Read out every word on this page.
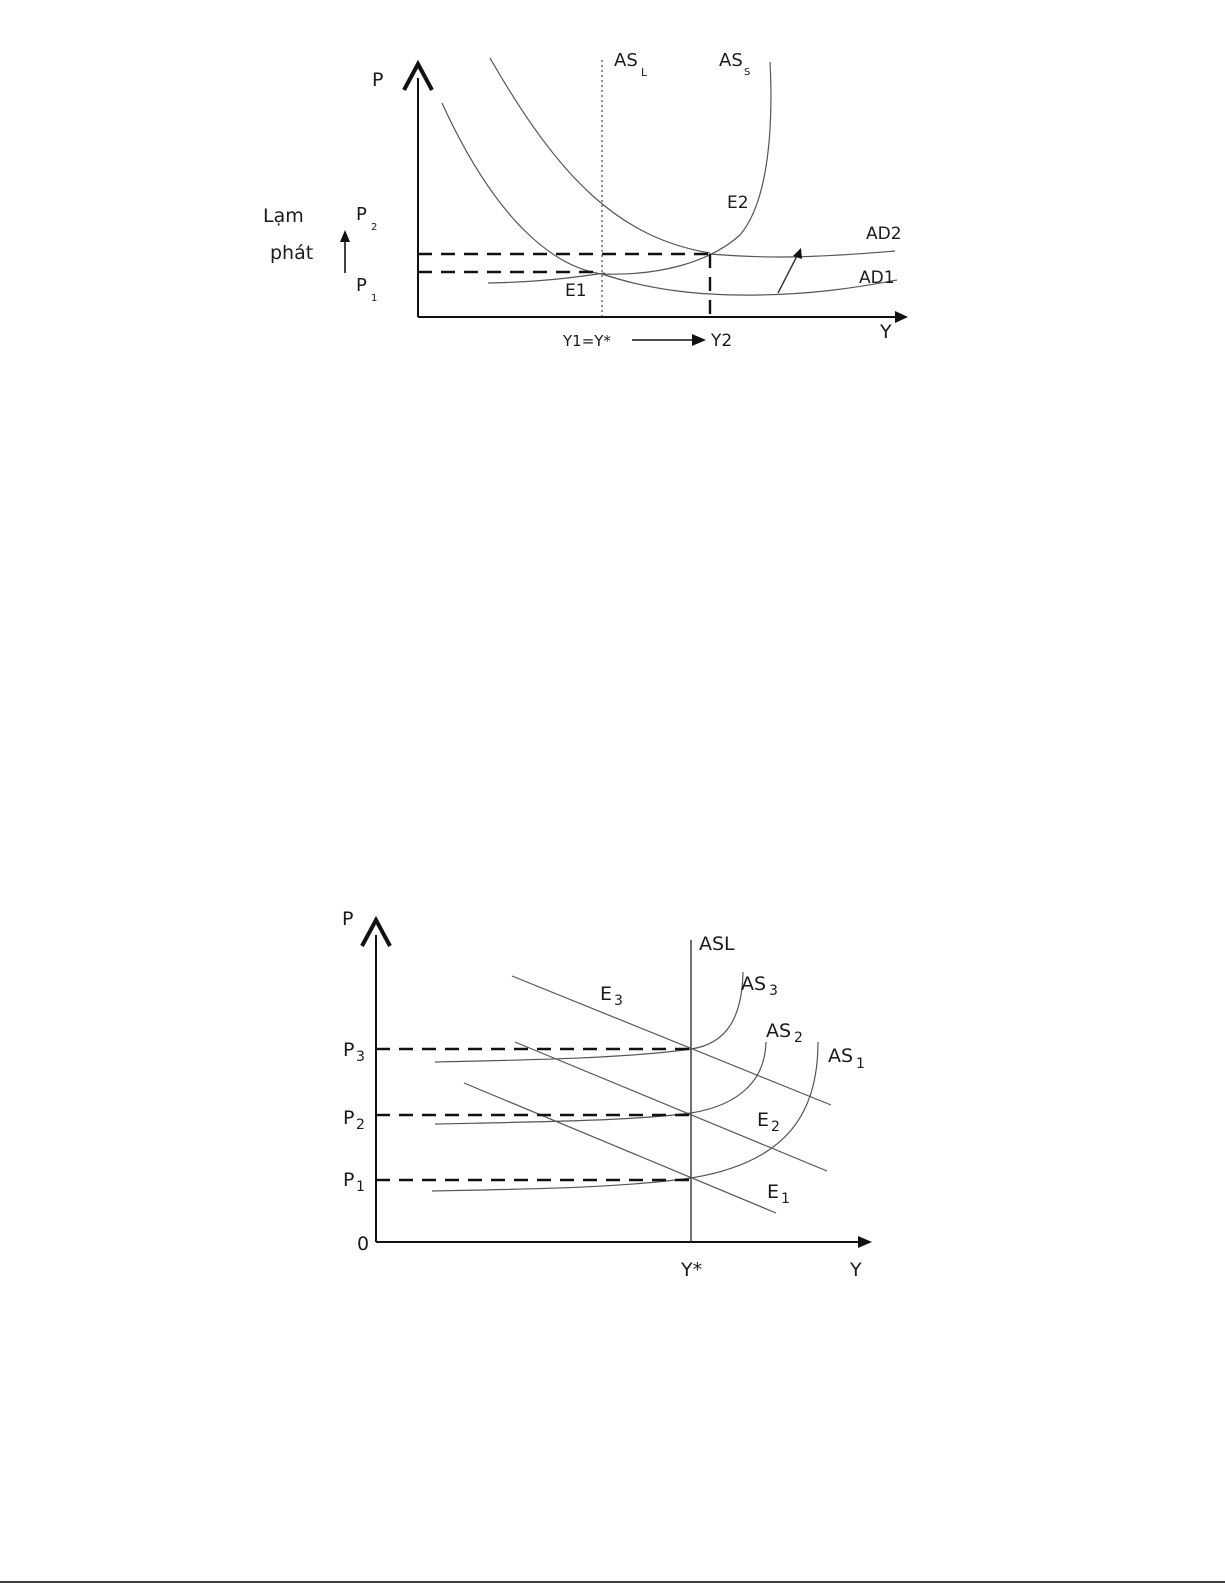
P
Y
AS
L
AS
S
E2
E1
AD2
AD1
P
2
P
1
Lạm
phát
Y1=Y*	Y2
P
Y
0
ASL
AS 3
AS 2
AS 1
E 3
E 2
E 1
P 3
P 2
P 1
Y*
